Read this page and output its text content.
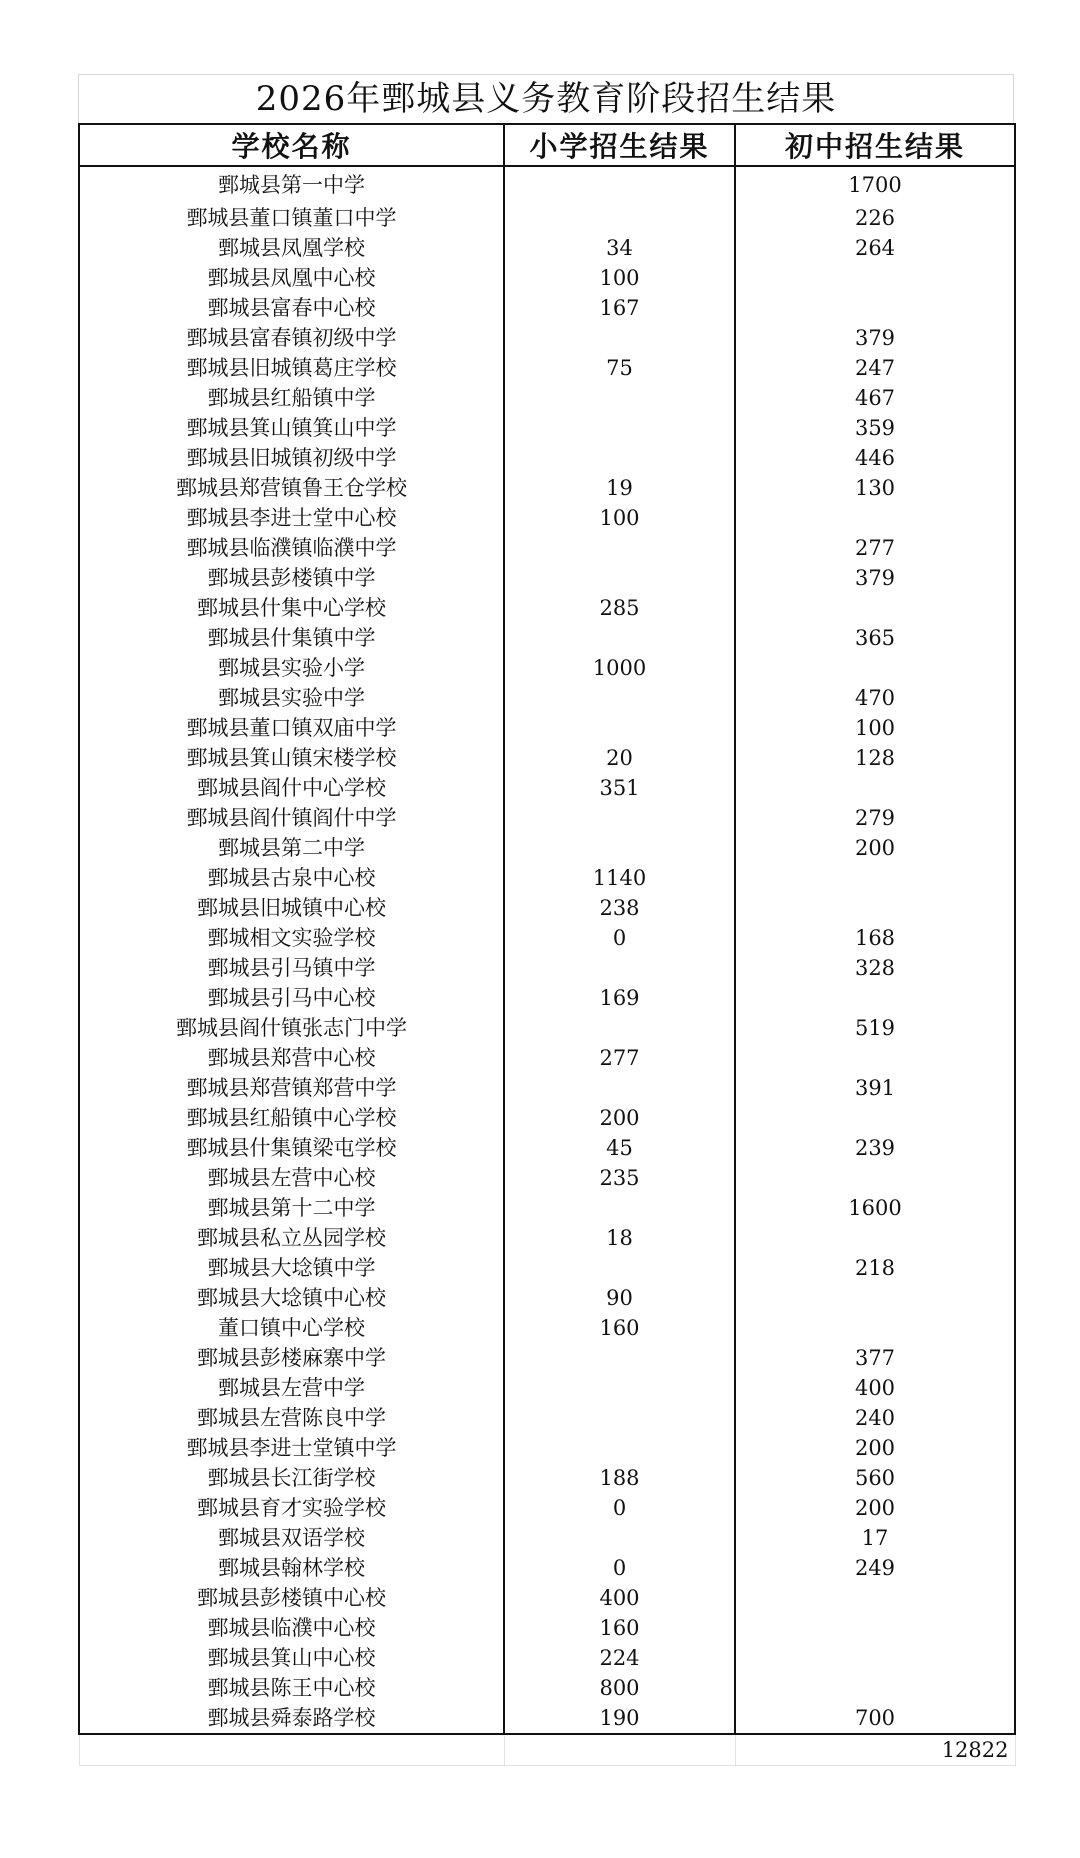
2026年鄄城县义务教育阶段招生结果
学校名称	小学招生结果	初中招生结果
鄄城县第一中学		1700
鄄城县董口镇董口中学		226
鄄城县凤凰学校	34	264
鄄城县凤凰中心校	100	
鄄城县富春中心校	167	
鄄城县富春镇初级中学		379
鄄城县旧城镇葛庄学校	75	247
鄄城县红船镇中学		467
鄄城县箕山镇箕山中学		359
鄄城县旧城镇初级中学		446
鄄城县郑营镇鲁王仓学校	19	130
鄄城县李进士堂中心校	100	
鄄城县临濮镇临濮中学		277
鄄城县彭楼镇中学		379
鄄城县什集中心学校	285	
鄄城县什集镇中学		365
鄄城县实验小学	1000	
鄄城县实验中学		470
鄄城县董口镇双庙中学		100
鄄城县箕山镇宋楼学校	20	128
鄄城县阎什中心学校	351	
鄄城县阎什镇阎什中学		279
鄄城县第二中学		200
鄄城县古泉中心校	1140	
鄄城县旧城镇中心校	238	
鄄城相文实验学校	0	168
鄄城县引马镇中学		328
鄄城县引马中心校	169	
鄄城县阎什镇张志门中学		519
鄄城县郑营中心校	277	
鄄城县郑营镇郑营中学		391
鄄城县红船镇中心学校	200	
鄄城县什集镇梁屯学校	45	239
鄄城县左营中心校	235	
鄄城县第十二中学		1600
鄄城县私立丛园学校	18	
鄄城县大埝镇中学		218
鄄城县大埝镇中心校	90	
董口镇中心学校	160	
鄄城县彭楼麻寨中学		377
鄄城县左营中学		400
鄄城县左营陈良中学		240
鄄城县李进士堂镇中学		200
鄄城县长江街学校	188	560
鄄城县育才实验学校	0	200
鄄城县双语学校		17
鄄城县翰林学校	0	249
鄄城县彭楼镇中心校	400	
鄄城县临濮中心校	160	
鄄城县箕山中心校	224	
鄄城县陈王中心校	800	
鄄城县舜泰路学校	190	700
		12822
